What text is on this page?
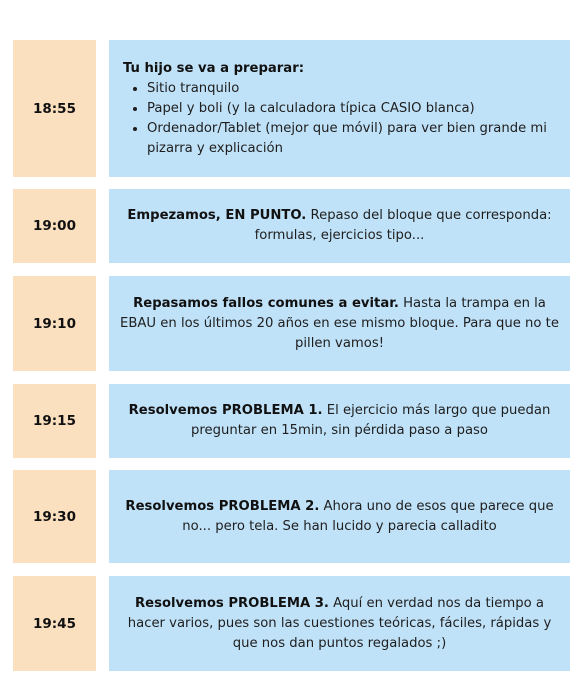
18:55
Tu hijo se va a preparar:
• Sitio tranquilo
• Papel y boli (y la calculadora típica CASIO blanca)
• Ordenador/Tablet (mejor que móvil) para ver bien grande mi pizarra y explicación
19:00

Empezamos, EN PUNTO. Repaso del bloque que corresponda: formulas, ejercicios tipo...

19:10

Repasamos fallos comunes a evitar. Hasta la trampa en la EBAU en los últimos 20 años en ese mismo bloque. Para que no te pillen vamos!

19:15

Resolvemos PROBLEMA 1. El ejercicio más largo que puedan preguntar en 15min, sin pérdida paso a paso

19:30

Resolvemos PROBLEMA 2. Ahora uno de esos que parece que no... pero tela. Se han lucido y parecia calladito

19:45

Resolvemos PROBLEMA 3. Aquí en verdad nos da tiempo a hacer varios, pues son las cuestiones teóricas, fáciles, rápidas y que nos dan puntos regalados ;)
